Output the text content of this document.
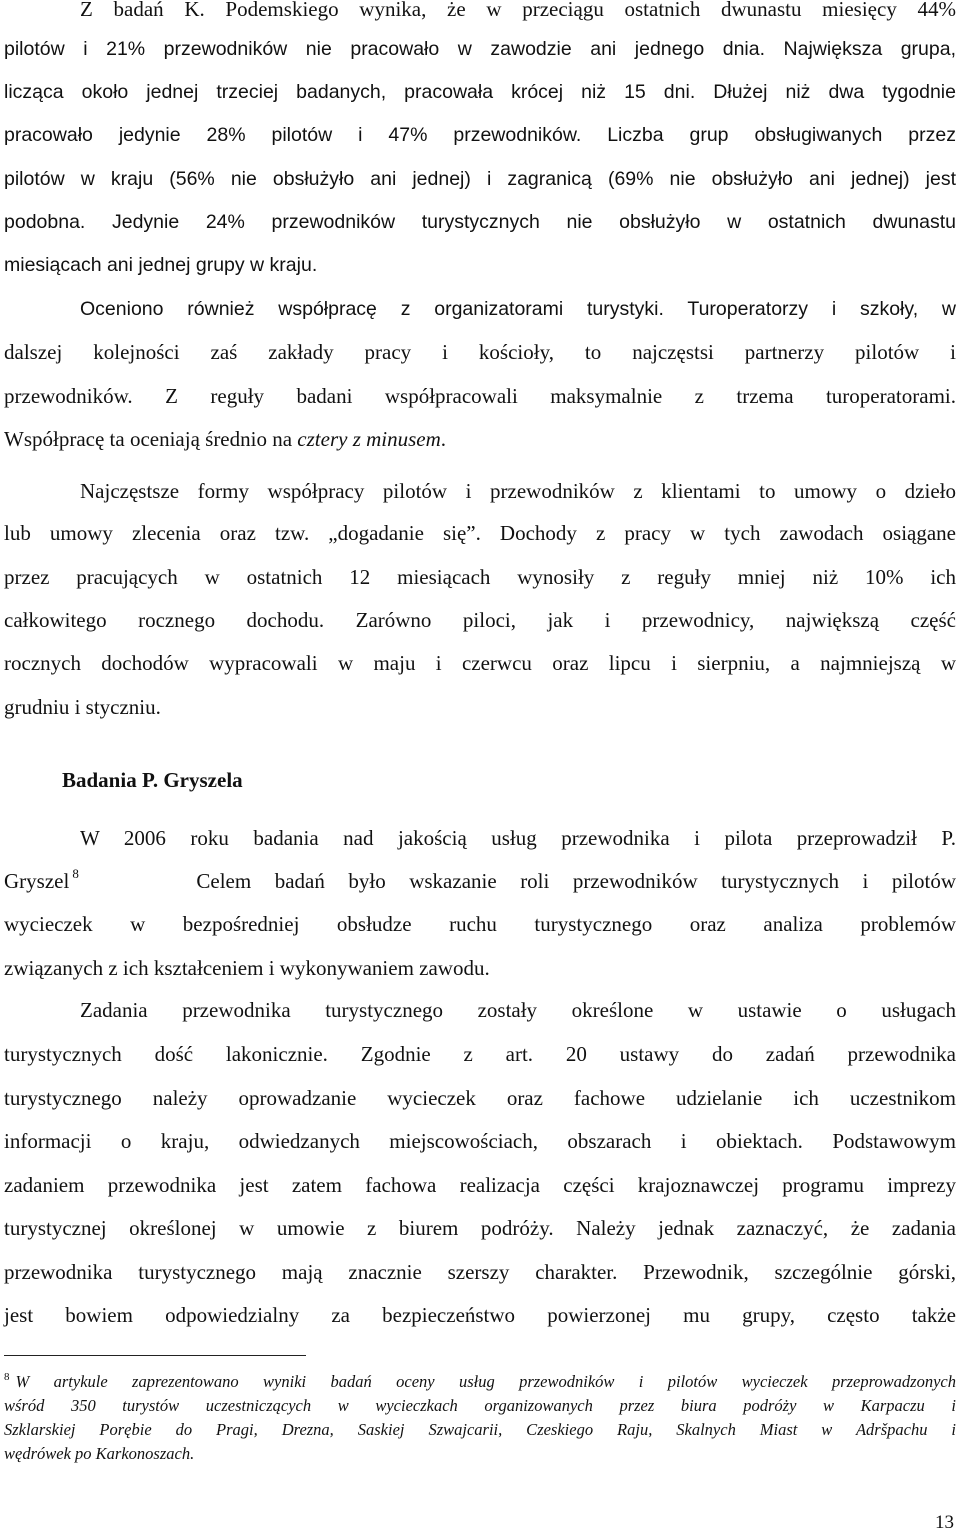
Z badań K. Podemskiego wynika, że w przeciągu ostatnich dwunastu miesięcy 44%
pilotów i 21% przewodników nie pracowało w zawodzie ani jednego dnia. Największa grupa,
licząca około jednej trzeciej badanych, pracowała krócej niż 15 dni. Dłużej niż dwa tygodnie
pracowało jedynie 28% pilotów i 47% przewodników. Liczba grup obsługiwanych przez
pilotów w kraju (56% nie obsłużyło ani jednej) i zagranicą (69% nie obsłużyło ani jednej) jest
podobna. Jedynie 24% przewodników turystycznych nie obsłużyło w ostatnich dwunastu
miesiącach ani jednej grupy w kraju.
Oceniono również współpracę z organizatorami turystyki. Turoperatorzy i szkoły, w
dalszej kolejności zaś zakłady pracy i kościoły, to najczęstsi partnerzy pilotów i
przewodników. Z reguły badani współpracowali maksymalnie z trzema turoperatorami.
Współpracę ta oceniają średnio na cztery z minusem.
Najczęstsze formy współpracy pilotów i przewodników z klientami to umowy o dzieło
lub umowy zlecenia oraz tzw. „dogadanie się”. Dochody z pracy w tych zawodach osiągane
przez pracujących w ostatnich 12 miesiącach wynosiły z reguły mniej niż 10% ich
całkowitego rocznego dochodu. Zarówno piloci, jak i przewodnicy, największą część
rocznych dochodów wypracowali w maju i czerwcu oraz lipcu i sierpniu, a najmniejszą w
grudniu i styczniu.
Badania P. Gryszela
W 2006 roku badania nad jakością usług przewodnika i pilota przeprowadził P.
Gryszel $^8$	Celem badań było wskazanie roli przewodników turystycznych i pilotów
wycieczek w bezpośredniej obsłudze ruchu turystycznego oraz analiza problemów
związanych z ich kształceniem i wykonywaniem zawodu.
Zadania przewodnika turystycznego zostały określone w ustawie o usługach
turystycznych dość lakonicznie. Zgodnie z art. 20 ustawy do zadań przewodnika
turystycznego należy oprowadzanie wycieczek oraz fachowe udzielanie ich uczestnikom
informacji o kraju, odwiedzanych miejscowościach, obszarach i obiektach. Podstawowym
zadaniem przewodnika jest zatem fachowa realizacja części krajoznawczej programu imprezy
turystycznej określonej w umowie z biurem podróży. Należy jednak zaznaczyć, że zadania
przewodnika turystycznego mają znacznie szerszy charakter. Przewodnik, szczególnie górski,
jest bowiem odpowiedzialny za bezpieczeństwo powierzonej mu grupy, często także
$^8$ W artykule zaprezentowano wyniki badań oceny usług przewodników i pilotów wycieczek przeprowadzonych
wśród 350 turystów uczestniczących w wycieczkach organizowanych przez biura podróży w Karpaczu i
Szklarskiej Porębie do Pragi, Drezna, Saskiej Szwajcarii, Czeskiego Raju, Skalnych Miast w Adršpachu i
wędrówek po Karkonoszach.
13
